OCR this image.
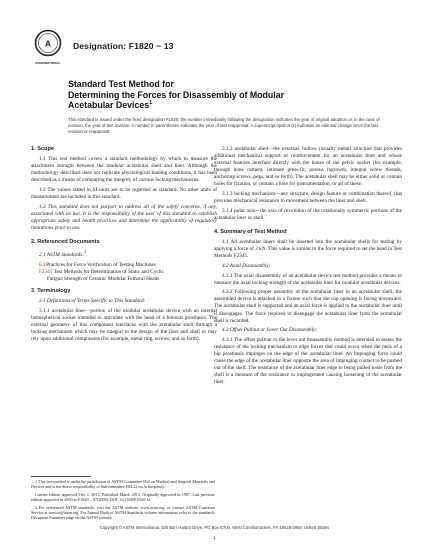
A
INTERNATIONAL
Designation: F1820 − 13
Standard Test Method for
Determining the Forces for Disassembly of Modular
Acetabular Devices$^1$
This standard is issued under the fixed designation F1820; the number immediately following the designation indicates the year of original adoption or, in the case of revision, the year of last revision. A number in parentheses indicates the year of last reapproval. A superscript epsilon (ε) indicates an editorial change since the last revision or reapproval.
1. Scope
1.1 This test method covers a standard methodology by which to measure the attachment strength between the modular acetabular shell and liner. Although the methodology described does not replicate physiological loading conditions, it has been described as a means of comparing the integrity of various locking mechanisms.
1.2 The values stated in SI units are to be regarded as standard. No other units of measurement are included in this standard.
1.3 This standard does not purport to address all of the safety concerns, if any, associated with its use. It is the responsibility of the user of this standard to establish appropriate safety and health practices and determine the applicability of regulatory limitations prior to use.
2. Referenced Documents
2.1 ASTM Standards:$^2$
E4 Practices for Force Verification of Testing Machines
F2345 Test Methods for Determination of Static and Cyclic
Fatigue Strength of Ceramic Modular Femoral Heads
3. Terminology
3.1 Definitions of Terms Specific to This Standard:
3.1.1 acetabular liner—portion of the modular acetabular device with an internal hemispherical socket intended to articulate with the head of a femoral prosthesis. The external geometry of this component interfaces with the acetabular shell through a locking mechanism which may be integral to the design of the liner and shell or may rely upon additional components (for example, metal ring, screws, and so forth).
1 This test method is under the jurisdiction of ASTM Committee F04 on Medical and Surgical Materials and Devices and is the direct responsibility of Subcommittee F04.22 on Arthroplasty.
Current edition approved Feb. 1, 2013. Published March 2013. Originally approved in 1997. Last previous edition approved in 2009 as F1820 – 97(2009). DOI: 10.1520/F1820-13.
2 For referenced ASTM standards, visit the ASTM website, www.astm.org, or contact ASTM Customer Service at service@astm.org. For Annual Book of ASTM Standards volume information, refer to the standard's Document Summary page on the ASTM website.
3.1.2 acetabular shell—the external, hollow (usually metal) structure that provides additional mechanical support or reinforcement for an acetabular liner and whose external features interface directly with the bones of the pelvic socket (for example, through bone cement, intimate press-fit, porous ingrowth, integral screw threads, anchoring screws, pegs, and so forth). The acetabular shell may be either solid or contain holes for fixation, or contain a hole for instrumentation, or all of these.
3.1.3 locking mechanism—any structure, design feature or combination thereof, that provides mechanical resistance to movement between the liner and shell.
3.1.4 polar axis—the axis of revolution of the rotationally symmetric portions of the acetabular liner or shell.
4. Summary of Test Method
4.1 All acetabular liners shall be inserted into the acetabular shells for testing by applying a force of 2 kN. This value is similar to the force required to set the head in Test Methods F2345.
4.2 Axial Disassembly:
4.2.1 The axial disassembly of an acetabular device test method provides a means to measure the axial locking strength of the acetabular liner for modular acetabular devices.
4.2.2 Following proper assembly of the acetabular liner in an acetabular shell, the assembled device is attached to a fixture such that the cup opening is facing downward. The acetabular shell is supported and an axial force is applied to the acetabular liner until it disengages. The force required to disengage the acetabular liner from the acetabular shell is recorded.
4.3 Offset Pullout or Lever Out Disassembly:
4.3.1 The offset pullout or the lever out disassembly method is intended to assess the resistance of the locking mechanism to edge forces that could occur when the neck of a hip prosthesis impinges on the edge of the acetabular liner. An impinging force could cause the edge of the acetabular liner opposite the area of impinging contact to be pushed out of the shell. The resistance of the acetabular liner edge to being pulled loose from the shell is a measure of the resistance to impingement causing loosening of the acetabular liner.
Copyright © ASTM International, 100 Barr Harbor Drive, PO Box C700, West Conshohocken, PA 19428-2959. United States
1
